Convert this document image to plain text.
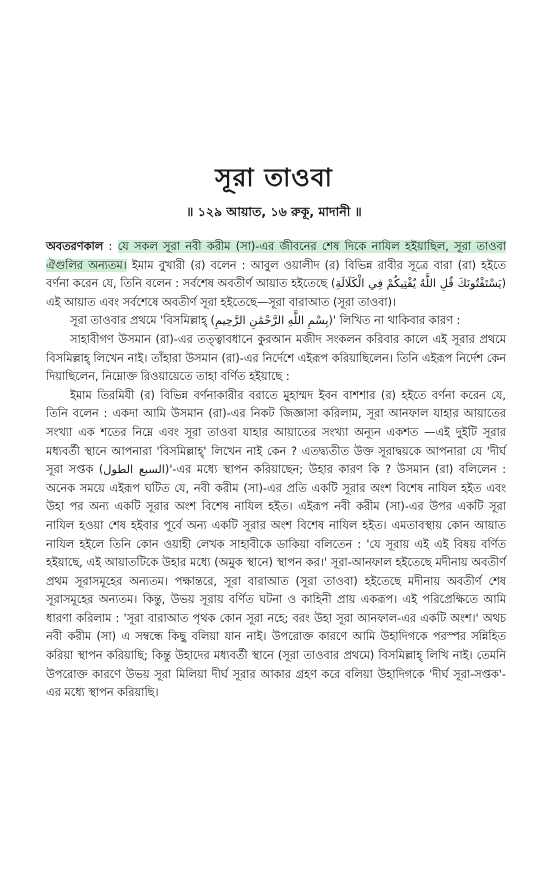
সূরা তাওবা
॥ ১২৯ আয়াত, ১৬ রুকূ, মাদানী ॥

অবতরণকাল : যে সকল সূরা নবী করীম (সা)-এর জীবনের শেষ দিকে নাযিল হইয়াছিল, সূরা তাওবা ঐগুলির অন্যতম। ইমাম বুখারী (র) বলেন : আবুল ওয়ালীদ (র) বিভিন্ন রাবীর সূত্রে বারা (রা) হইতে বর্ণনা করেন যে, তিনি বলেন : সর্বশেষ অবতীর্ণ আয়াত হইতেছে (يَسْتَفْتُونَكَ قُلِ اللَّهُ يُفْتِيكُمْ فِي الْكَلَالَةِ) এই আয়াত এবং সর্বশেষে অবতীর্ণ সূরা হইতেছে—সূরা বারাআত (সূরা তাওবা)।

সূরা তাওবার প্রথমে 'বিসমিল্লাহ্ (بِسْمِ اللَّهِ الرَّحْمَٰنِ الرَّحِيمِ)' লিখিত না থাকিবার কারণ :

সাহাবীগণ উসমান (রা)-এর তত্ত্বাবধানে কুরআন মজীদ সংকলন করিবার কালে এই সূরার প্রথমে বিসমিল্লাহ্ লিখেন নাই। তাঁহারা উসমান (রা)-এর নির্দেশে এইরূপ করিয়াছিলেন। তিনি এইরূপ নির্দেশ কেন দিয়াছিলেন, নিম্নোক্ত রিওয়ায়েতে তাহা বর্ণিত হইয়াছে :

ইমাম তিরমিযী (র) বিভিন্ন বর্ণনাকারীর বরাতে মুহাম্মদ ইবন বাশশার (র) হইতে বর্ণনা করেন যে, তিনি বলেন : একদা আমি উসমান (রা)-এর নিকট জিজ্ঞাসা করিলাম, সূরা আনফাল যাহার আয়াতের সংখ্যা এক শতের নিম্নে এবং সূরা তাওবা যাহার আয়াতের সংখ্যা অন্যূন একশত —এই দুইটি সূরার মধ্যবর্তী স্থানে আপনারা 'বিসমিল্লাহ্' লিখেন নাই কেন ? এতদ্ব্যতীত উক্ত সূরাদ্বয়কে আপনারা যে 'দীর্ঘ সূরা সপ্তক (السبع الطول)'-এর মধ্যে স্থাপন করিয়াছেন; উহার কারণ কি ? উসমান (রা) বলিলেন : অনেক সময়ে এইরূপ ঘটিত যে, নবী করীম (সা)-এর প্রতি একটি সূরার অংশ বিশেষ নাযিল হইত এবং উহা পর অন্য একটি সূরার অংশ বিশেষ নাযিল হইত। এইরূপ নবী করীম (সা)-এর উপর একটি সূরা নাযিল হওয়া শেষ হইবার পূর্বে অন্য একটি সূরার অংশ বিশেষ নাযিল হইত। এমতাবস্থায় কোন আয়াত নাযিল হইলে তিনি কোন ওয়াহী লেখক সাহাবীকে ডাকিয়া বলিতেন : 'যে সূরায় এই এই বিষয় বর্ণিত হইয়াছে, এই আয়াতটিকে উহার মধ্যে (অমুক স্থানে) স্থাপন কর।' সূরা-আনফাল হইতেছে মদীনায় অবতীর্ণ প্রথম সূরাসমূহের অন্যতম। পক্ষান্তরে, সূরা বারাআত (সূরা তাওবা) হইতেছে মদীনায় অবতীর্ণ শেষ সূরাসমূহের অন্যতম। কিন্তু, উভয় সূরায় বর্ণিত ঘটনা ও কাহিনী প্রায় একরূপ। এই পরিপ্রেক্ষিতে আমি ধারণা করিলাম : 'সূরা বারাআত পৃথক কোন সূরা নহে; বরং উহা সূরা আনফাল-এর একটি অংশ।' অথচ নবী করীম (সা) এ সম্বন্ধে কিছু বলিয়া যান নাই। উপরোক্ত কারণে আমি উহাদিগকে পরস্পর সন্নিহিত করিয়া স্থাপন করিয়াছি; কিন্তু উহাদের মধ্যবর্তী স্থানে (সূরা তাওবার প্রথমে) বিসমিল্লাহ্ লিখি নাই। তেমনি উপরোক্ত কারণে উভয় সূরা মিলিয়া দীর্ঘ সূরার আকার গ্রহণ করে বলিয়া উহাদিগকে 'দীর্ঘ সূরা-সপ্তক'-এর মধ্যে স্থাপন করিয়াছি।
